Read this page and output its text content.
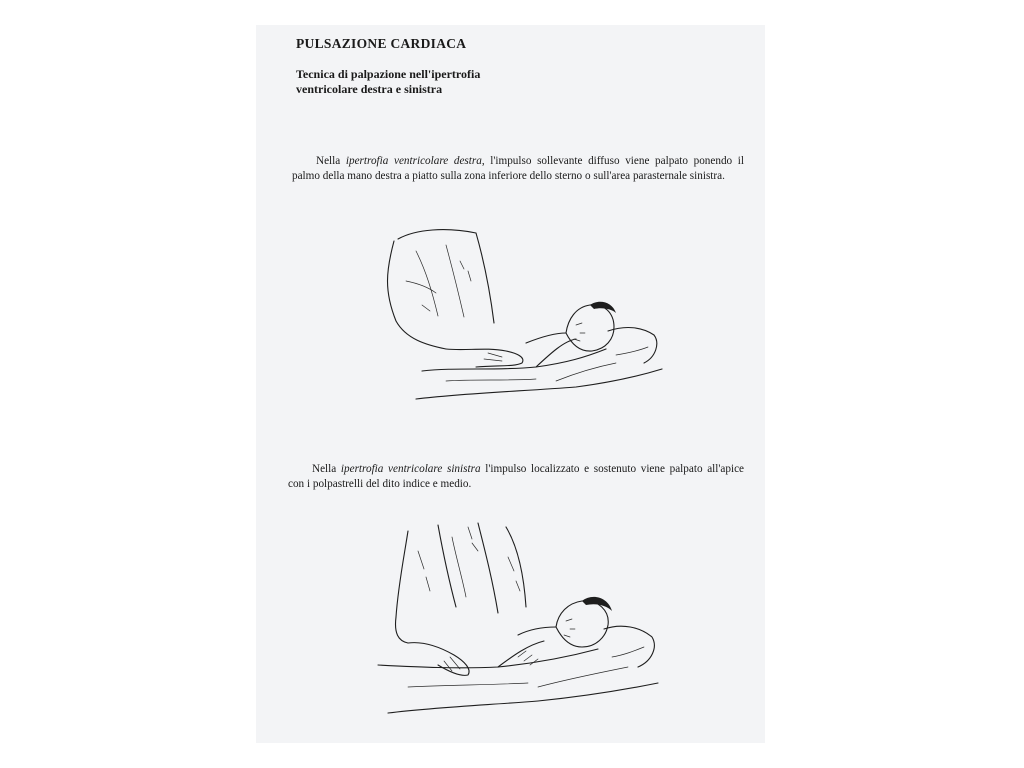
PULSAZIONE CARDIACA
Tecnica di palpazione nell'ipertrofia ventricolare destra e sinistra

Nella ipertrofia ventricolare destra, l'impulso sollevante diffuso viene palpato ponendo il palmo della mano destra a piatto sulla zona inferiore dello sterno o sull'area parasternale sinistra.

Nella ipertrofia ventricolare sinistra l'impulso localizzato e sostenuto viene palpato all'apice con i polpastrelli del dito indice e medio.
